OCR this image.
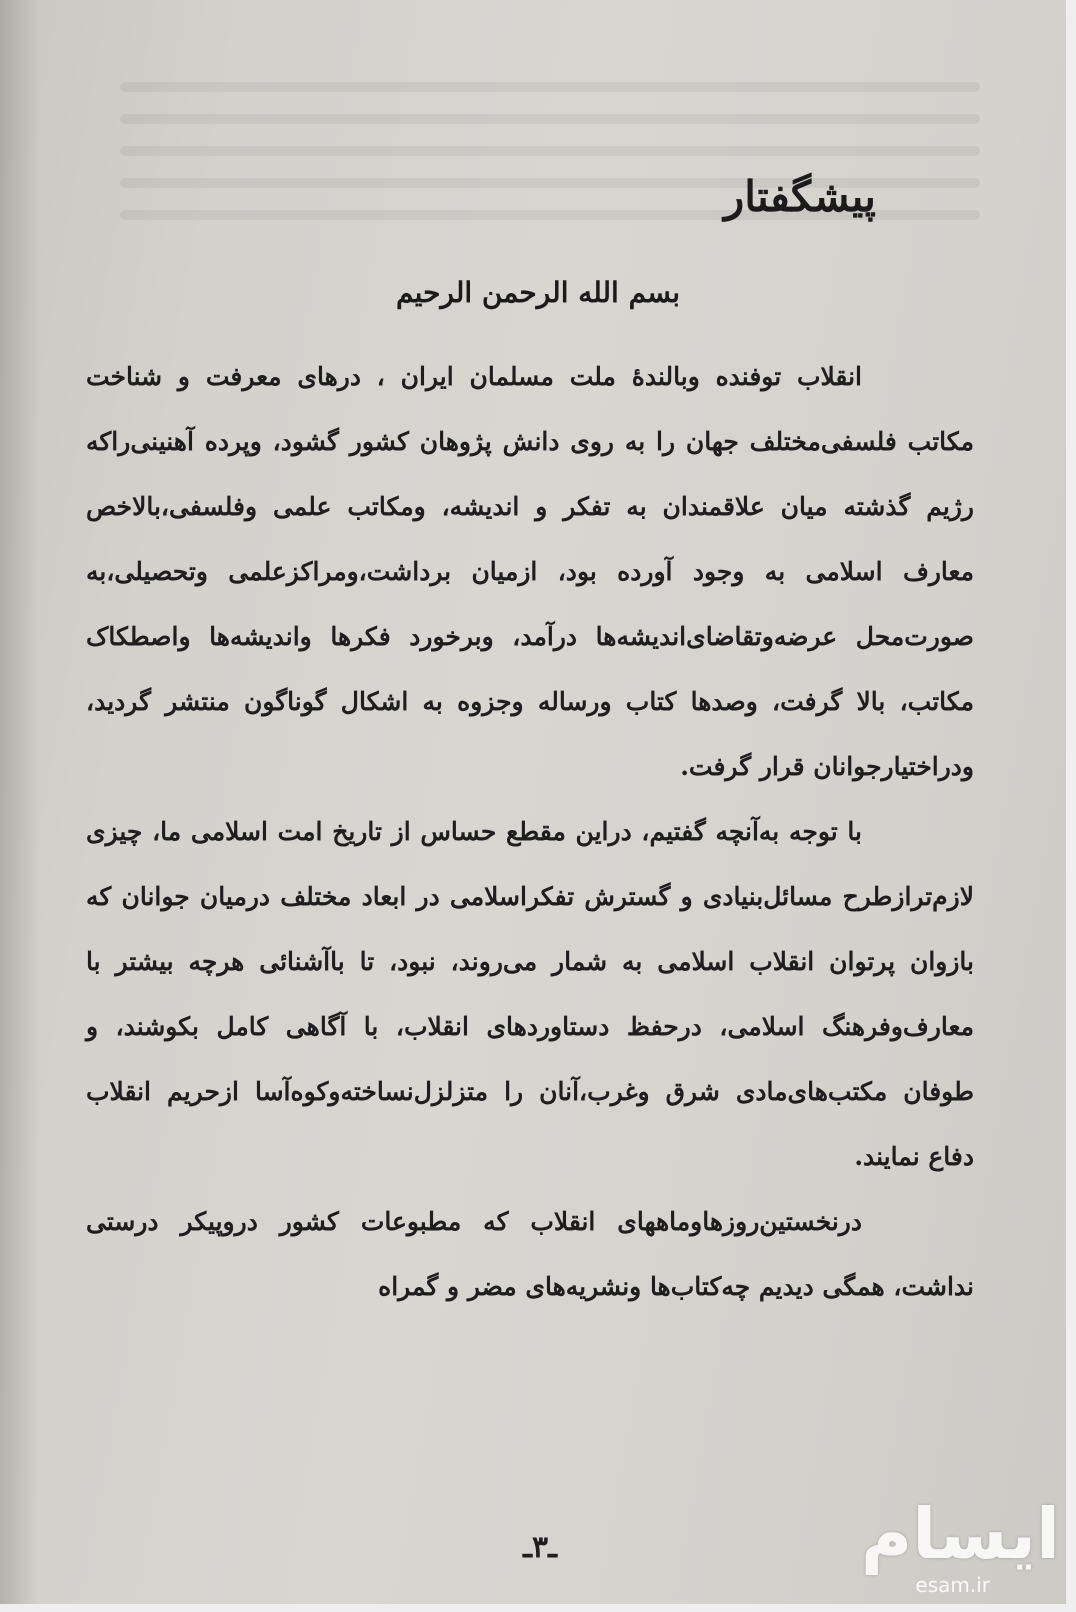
پیشگفتار
بسم الله الرحمن الرحیم

انقلاب توفنده وبالندهٔ ملت مسلمان ایران ، درهای معرفت و شناخت مکاتب فلسفی‌مختلف جهان را به روی دانش پژوهان کشور گشود، وپرده آهنینی‌راکه رژیم گذشته میان علاقمندان به تفکر و اندیشه، ومکاتب علمی وفلسفی،بالاخص معارف اسلامی به وجود آورده بود، ازمیان برداشت،ومراکزعلمی وتحصیلی،به صورت‌محل عرضه‌وتقاضای‌اندیشه‌ها درآمد، وبرخورد فکرها واندیشه‌ها واصطکاک مکاتب، بالا گرفت، وصدها کتاب ورساله وجزوه به اشکال گوناگون منتشر گردید، ودراختیارجوانان قرار گرفت.

با توجه به‌آنچه گفتیم، دراین مقطع حساس از تاریخ امت اسلامی ما، چیزی لازم‌ترازطرح مسائل‌بنیادی و گسترش تفکراسلامی در ابعاد مختلف درمیان جوانان که بازوان پرتوان انقلاب اسلامی به شمار می‌روند، نبود، تا باآشنائی هرچه بیشتر با معارف‌وفرهنگ اسلامی، درحفظ دستاوردهای انقلاب، با آگاهی کامل بکوشند، و طوفان مکتب‌های‌مادی شرق وغرب،آنان را متزلزل‌نساخته‌وکوه‌آسا ازحریم انقلاب دفاع نمایند.

درنخستین‌روزهاوماههای انقلاب که مطبوعات کشور درو‌پیکر درستی نداشت، همگی دیدیم چه‌کتاب‌ها ونشریه‌های مضر و گمراه‌

ـ۳ـ	ایسام
esam.ir
